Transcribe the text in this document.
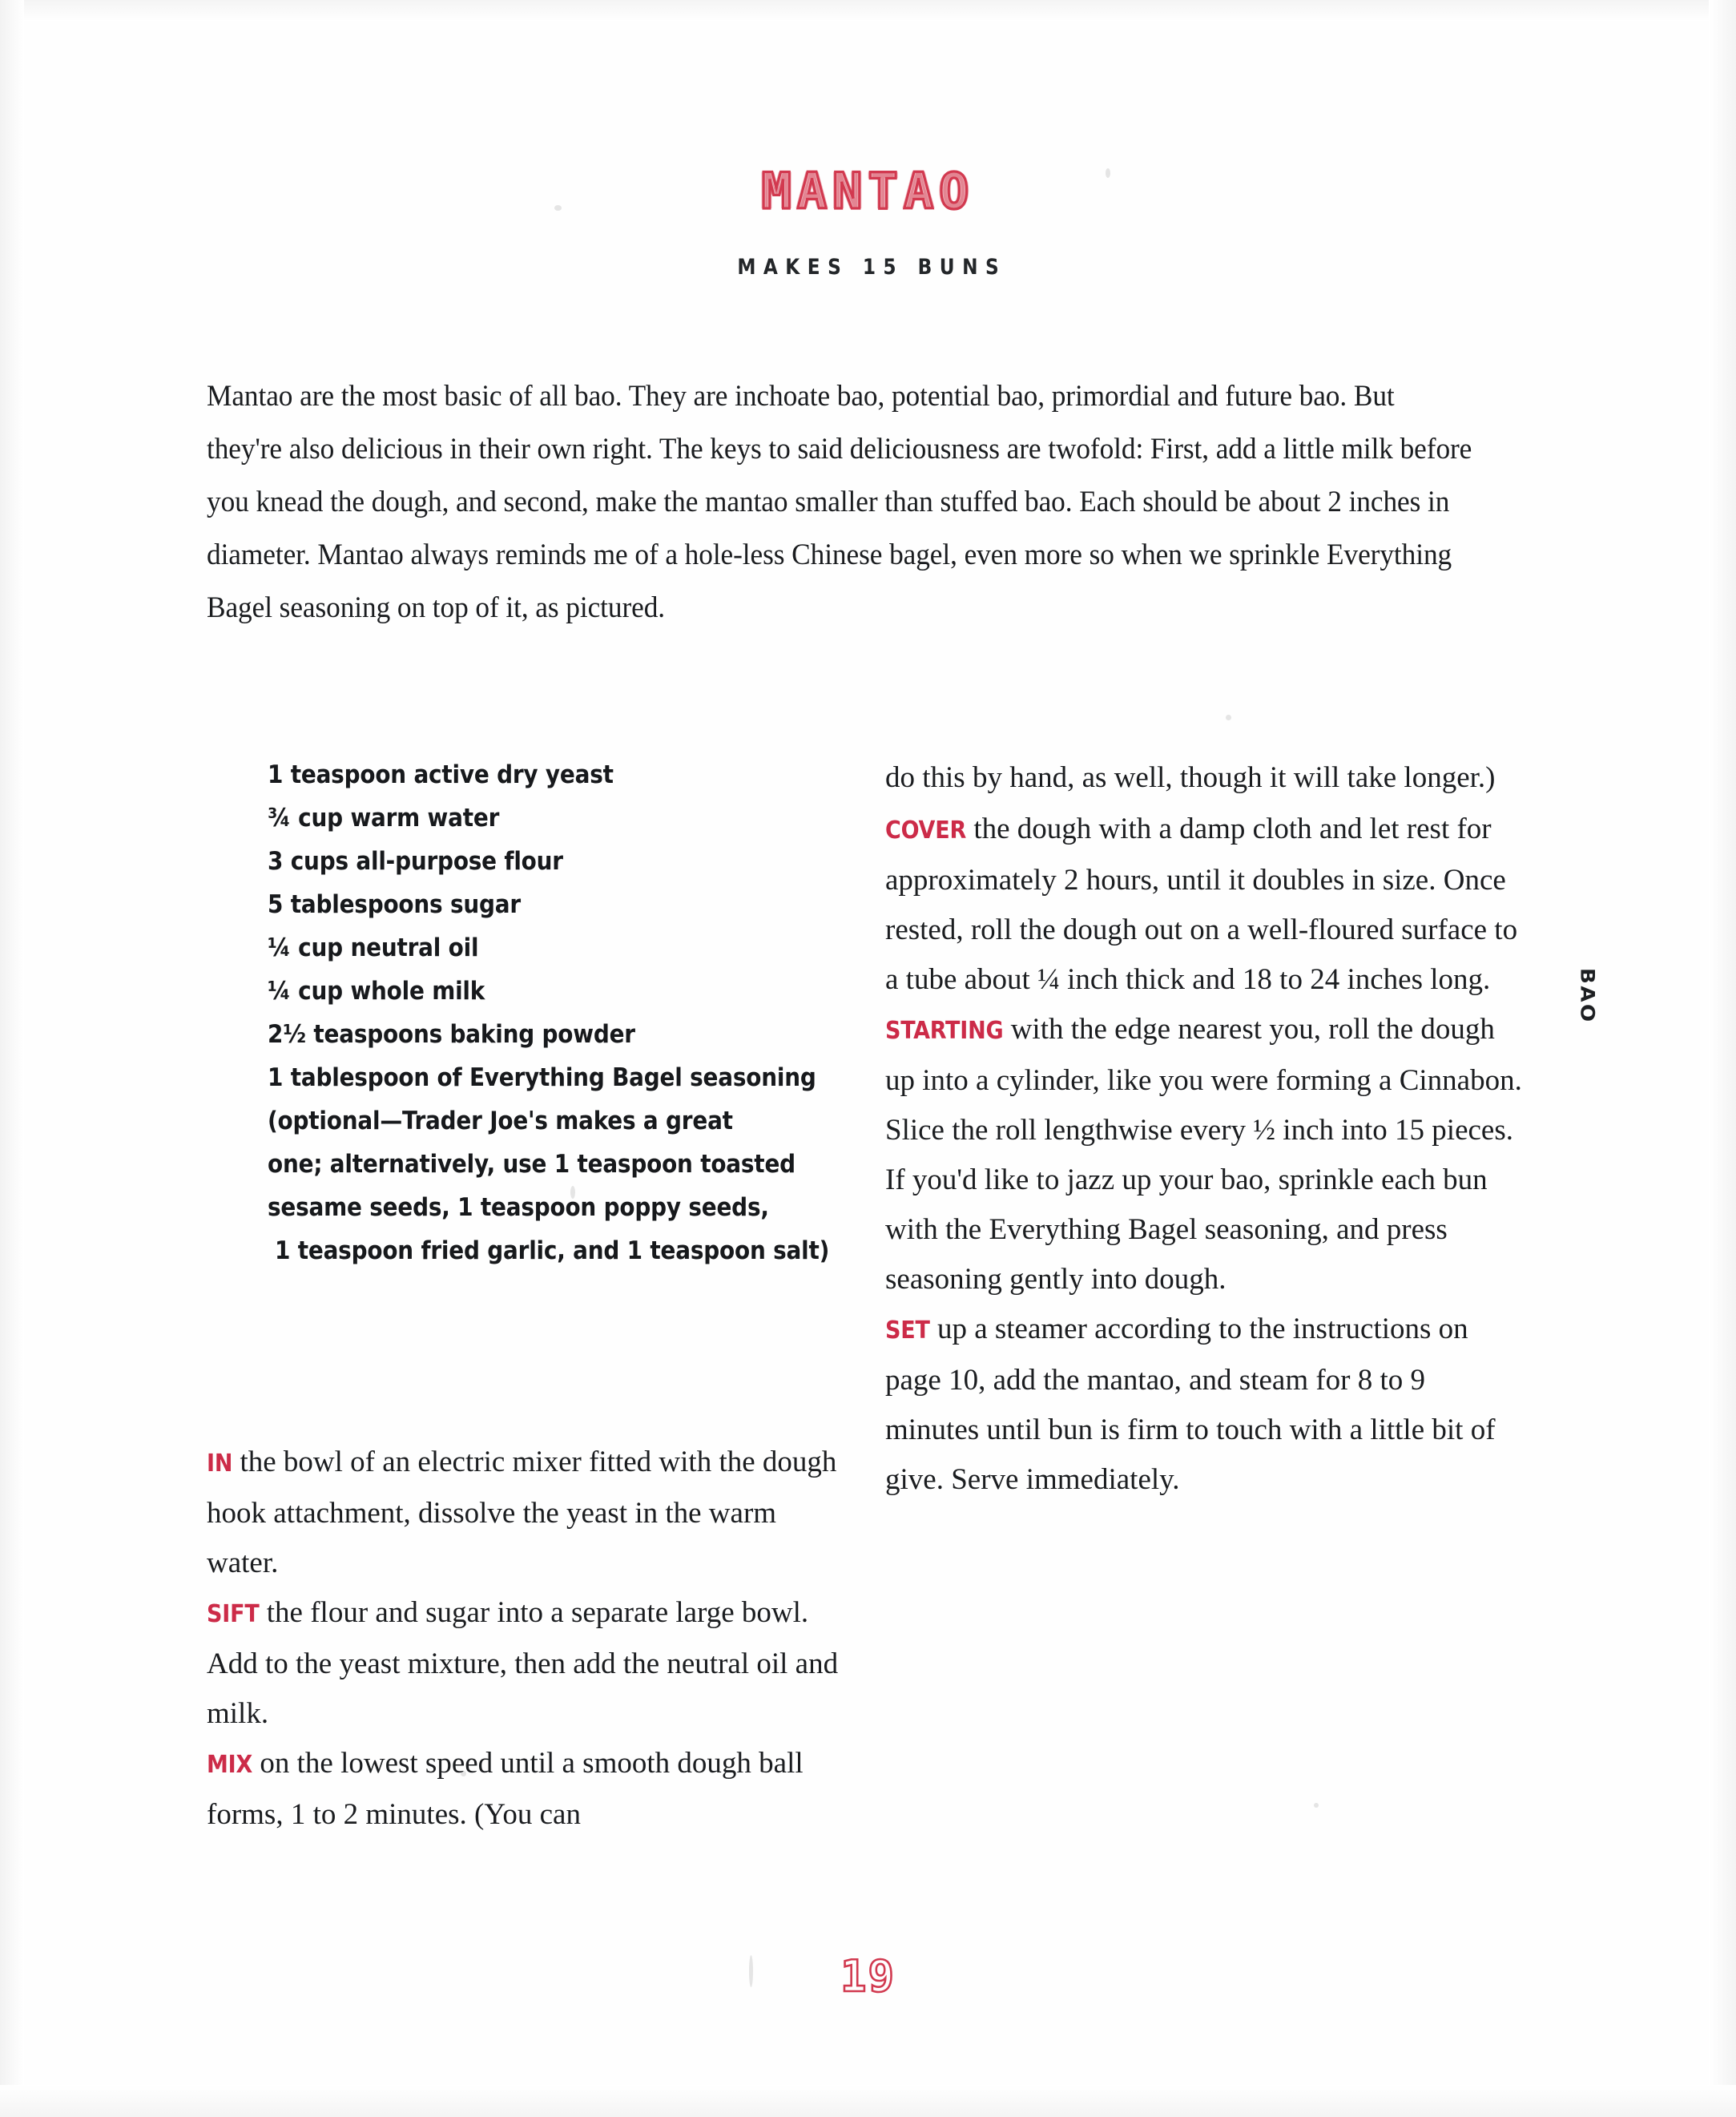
MANTAO
MAKES 15 BUNS
Mantao are the most basic of all bao. They are inchoate bao, potential bao, primordial and future bao. But they're also delicious in their own right. The keys to said deliciousness are twofold: First, add a little milk before you knead the dough, and second, make the mantao smaller than stuffed bao. Each should be about 2 inches in diameter. Mantao always reminds me of a hole-less Chinese bagel, even more so when we sprinkle Everything Bagel seasoning on top of it, as pictured.
1 teaspoon active dry yeast
¾ cup warm water
3 cups all-purpose flour
5 tablespoons sugar
¼ cup neutral oil
¼ cup whole milk
2½ teaspoons baking powder
1 tablespoon of Everything Bagel seasoning
(optional—Trader Joe's makes a great
one; alternatively, use 1 teaspoon toasted
sesame seeds, 1 teaspoon poppy seeds,
1 teaspoon fried garlic, and 1 teaspoon salt)

IN the bowl of an electric mixer fitted with the dough hook attachment, dissolve the yeast in the warm water.

SIFT the flour and sugar into a separate large bowl. Add to the yeast mixture, then add the neutral oil and milk.

MIX on the lowest speed until a smooth dough ball forms, 1 to 2 minutes. (You can

do this by hand, as well, though it will take longer.)

COVER the dough with a damp cloth and let rest for approximately 2 hours, until it doubles in size. Once rested, roll the dough out on a well-floured surface to a tube about ¼ inch thick and 18 to 24 inches long.

STARTING with the edge nearest you, roll the dough up into a cylinder, like you were forming a Cinnabon. Slice the roll lengthwise every ½ inch into 15 pieces. If you'd like to jazz up your bao, sprinkle each bun with the Everything Bagel seasoning, and press seasoning gently into dough.

SET up a steamer according to the instructions on page 10, add the mantao, and steam for 8 to 9 minutes until bun is firm to touch with a little bit of give. Serve immediately.

BAO
19
